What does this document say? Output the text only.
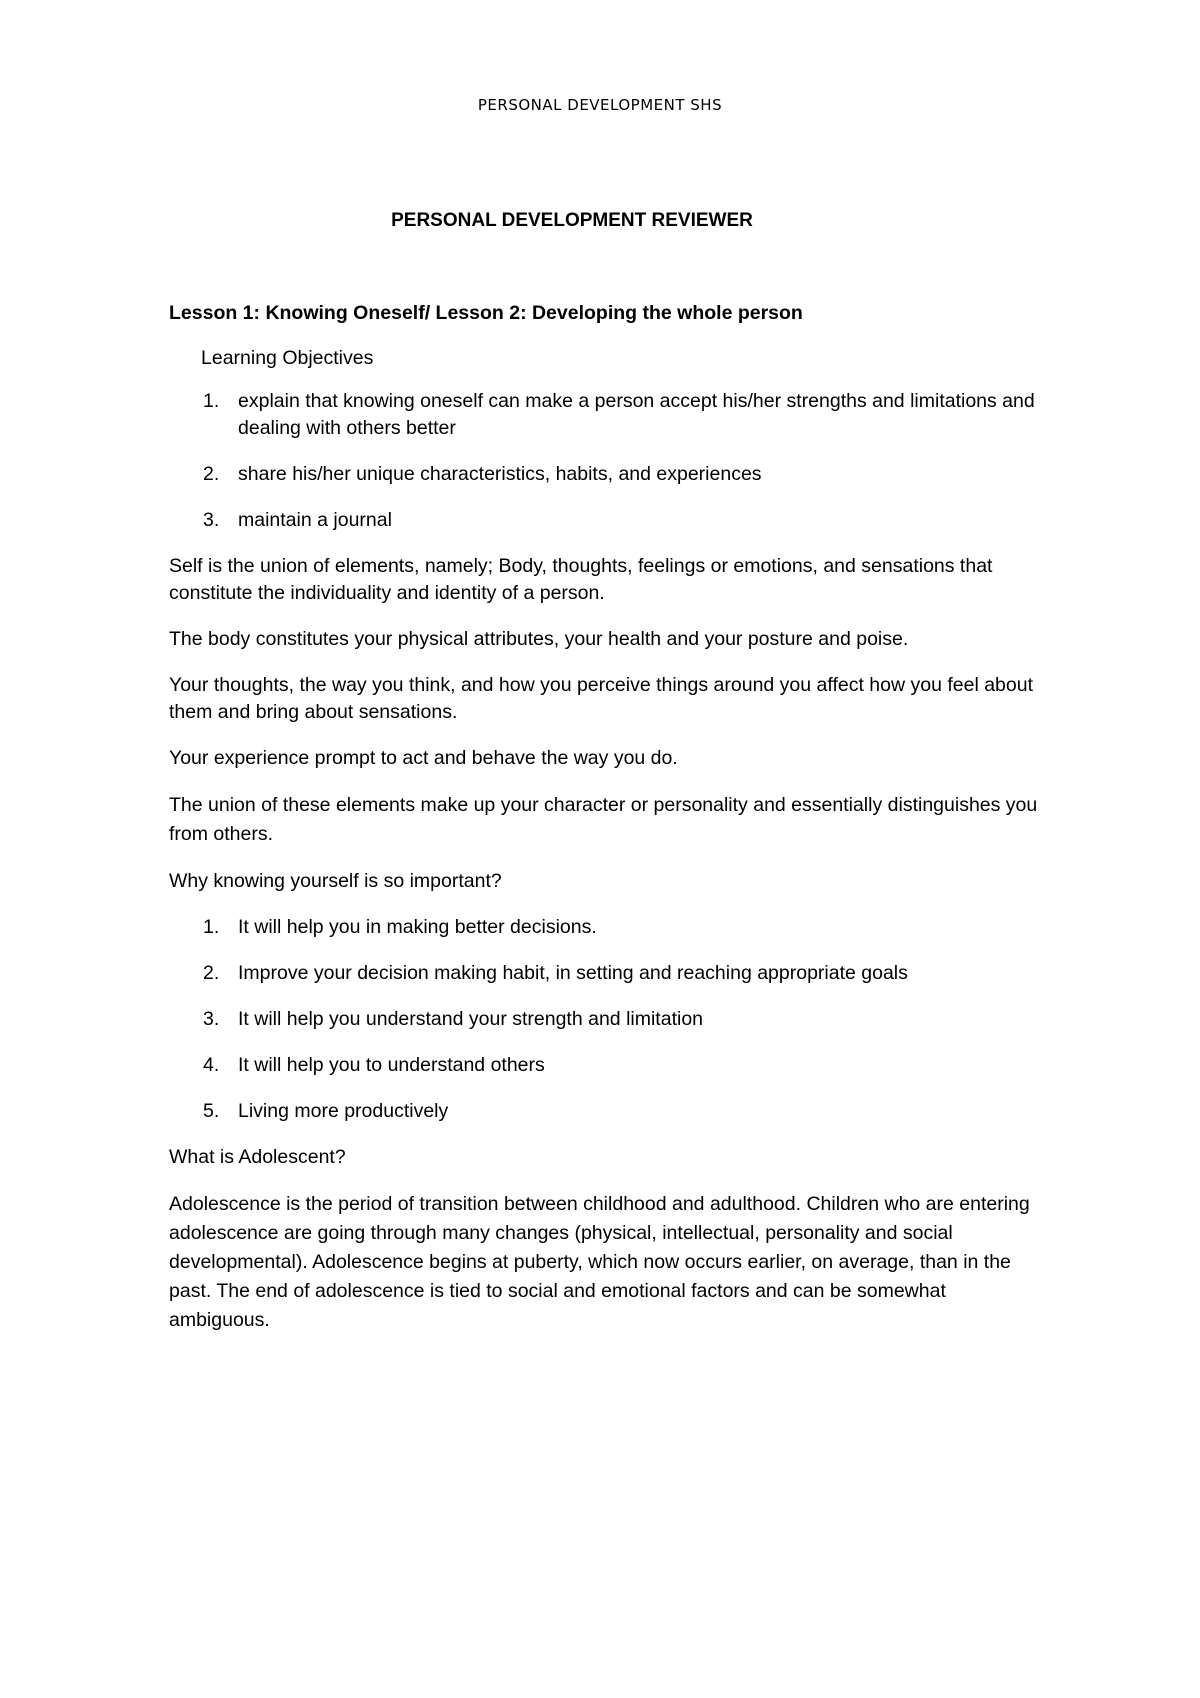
PERSONAL DEVELOPMENT SHS
PERSONAL DEVELOPMENT REVIEWER
Lesson 1: Knowing Oneself/ Lesson 2: Developing the whole person
Learning Objectives
1. explain that knowing oneself can make a person accept his/her strengths and limitations and dealing with others better
2. share his/her unique characteristics, habits, and experiences
3. maintain a journal

Self is the union of elements, namely; Body, thoughts, feelings or emotions, and sensations that constitute the individuality and identity of a person.

The body constitutes your physical attributes, your health and your posture and poise.

Your thoughts, the way you think, and how you perceive things around you affect how you feel about them and bring about sensations.

Your experience prompt to act and behave the way you do.

The union of these elements make up your character or personality and essentially distinguishes you from others.

Why knowing yourself is so important?

1. It will help you in making better decisions.
2. Improve your decision making habit, in setting and reaching appropriate goals
3. It will help you understand your strength and limitation
4. It will help you to understand others
5. Living more productively

What is Adolescent?

Adolescence is the period of transition between childhood and adulthood. Children who are entering adolescence are going through many changes (physical, intellectual, personality and social developmental). Adolescence begins at puberty, which now occurs earlier, on average, than in the past. The end of adolescence is tied to social and emotional factors and can be somewhat ambiguous.
